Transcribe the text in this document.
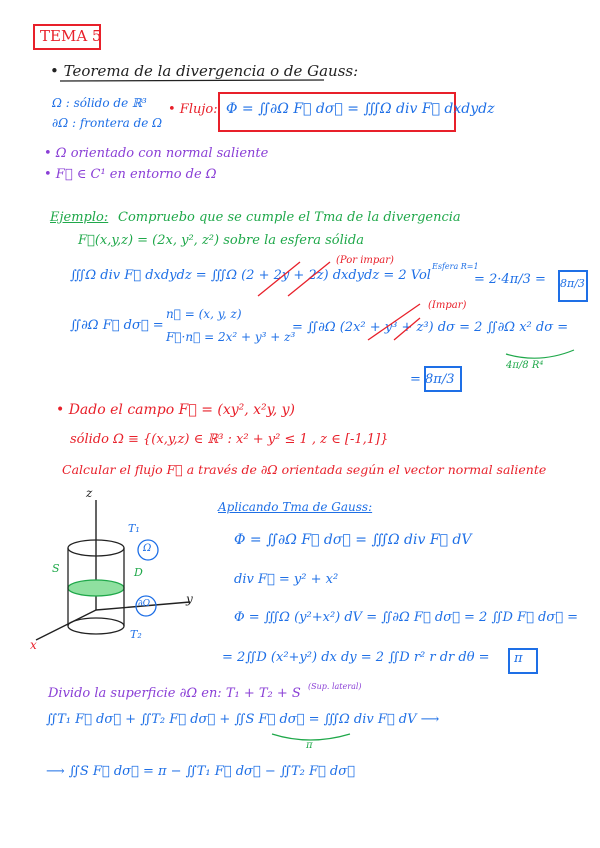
TEMA 5
• Teorema de la divergencia o de Gauss:
Ω : sólido de ℝ³
∂Ω : frontera de Ω
• Flujo: Φ = ∬∂Ω F⃗ dσ⃗ = ∭Ω div F⃗ dxdydz
• Ω orientado con normal saliente
• F⃗ ∈ C¹ en entorno de Ω
Ejemplo: Compruebo que se cumple el Tma de la divergencia
F⃗(x,y,z) = (2x, y², z²) sobre la esfera sólida
∭Ω div F⃗ dxdydz = ∭Ω (2 + 2y + 2z) dxdydz = 2 Vol
(Por impar)
Esfera R=1
= 2·4π/3 = 8π/3
∬∂Ω F⃗ dσ⃗ =
n⃗ = (x, y, z)
F⃗·n⃗ = 2x² + y³ + z³
(Impar)
= ∬∂Ω (2x² + y³ + z³) dσ = 2 ∬∂Ω x² dσ =
4π/8 R⁴
= 8π/3
• Dado el campo F⃗ = (xy², x²y, y)
sólido Ω ≡ {(x,y,z) ∈ ℝ³ : x² + y² ≤ 1 , z ∈ [-1,1]}
Calcular el flujo F⃗ a través de ∂Ω orientada según el vector normal saliente
z
y
x
T₁
T₂
S	D
Ω
∂Ω
Aplicando Tma de Gauss:
Φ = ∬∂Ω F⃗ dσ⃗ = ∭Ω div F⃗ dV
div F⃗ = y² + x²
Φ = ∭Ω (y²+x²) dV = ∬∂Ω F⃗ dσ⃗ = 2 ∬D F⃗ dσ⃗ =
= 2∬D (x²+y²) dx dy = 2 ∬D r² r dr dθ = π
Divido la superficie ∂Ω en: T₁ + T₂ + S (Sup. lateral)
∬T₁ F⃗ dσ⃗ + ∬T₂ F⃗ dσ⃗ + ∬S F⃗ dσ⃗ = ∭Ω div F⃗ dV ⟶
π
⟶ ∬S F⃗ dσ⃗ = π − ∬T₁ F⃗ dσ⃗ − ∬T₂ F⃗ dσ⃗
